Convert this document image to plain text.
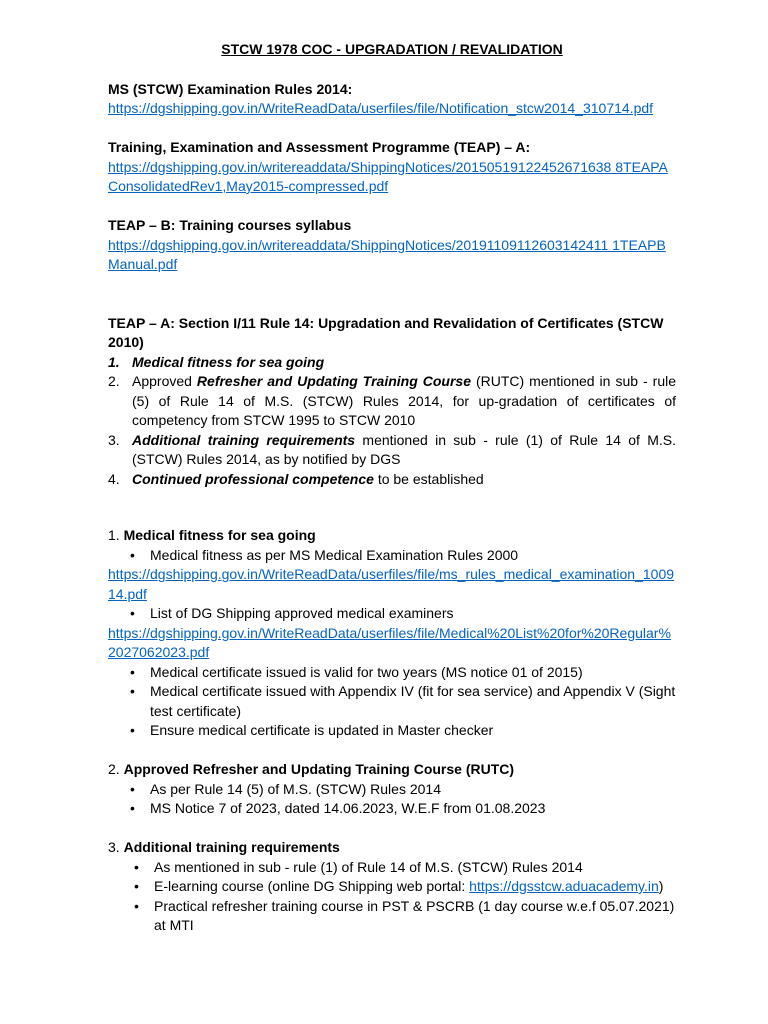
STCW 1978 COC - UPGRADATION / REVALIDATION
MS (STCW) Examination Rules 2014:
https://dgshipping.gov.in/WriteReadData/userfiles/file/Notification_stcw2014_310714.pdf
Training, Examination and Assessment Programme (TEAP) – A:
https://dgshipping.gov.in/writereaddata/ShippingNotices/20150519122452671638 8TEAPAConsolidatedRev1,May2015-compressed.pdf
TEAP – B: Training courses syllabus
https://dgshipping.gov.in/writereaddata/ShippingNotices/20191109112603142411 1TEAPBManual.pdf
TEAP – A: Section I/11 Rule 14: Upgradation and Revalidation of Certificates (STCW 2010)
1. Medical fitness for sea going
2. Approved Refresher and Updating Training Course (RUTC) mentioned in sub - rule (5) of Rule 14 of M.S. (STCW) Rules 2014, for up-gradation of certificates of competency from STCW 1995 to STCW 2010
3. Additional training requirements mentioned in sub - rule (1) of Rule 14 of M.S. (STCW) Rules 2014, as by notified by DGS
4. Continued professional competence to be established
1. Medical fitness for sea going
• Medical fitness as per MS Medical Examination Rules 2000
https://dgshipping.gov.in/WriteReadData/userfiles/file/ms_rules_medical_examination_100914.pdf
• List of DG Shipping approved medical examiners
https://dgshipping.gov.in/WriteReadData/userfiles/file/Medical%20List%20for%20Regular%2027062023.pdf
• Medical certificate issued is valid for two years (MS notice 01 of 2015)
• Medical certificate issued with Appendix IV (fit for sea service) and Appendix V (Sight test certificate)
• Ensure medical certificate is updated in Master checker
2. Approved Refresher and Updating Training Course (RUTC)
• As per Rule 14 (5) of M.S. (STCW) Rules 2014
• MS Notice 7 of 2023, dated 14.06.2023, W.E.F from 01.08.2023
3. Additional training requirements
• As mentioned in sub - rule (1) of Rule 14 of M.S. (STCW) Rules 2014
• E-learning course (online DG Shipping web portal: https://dgsstcw.aduacademy.in)
• Practical refresher training course in PST & PSCRB (1 day course w.e.f 05.07.2021) at MTI
